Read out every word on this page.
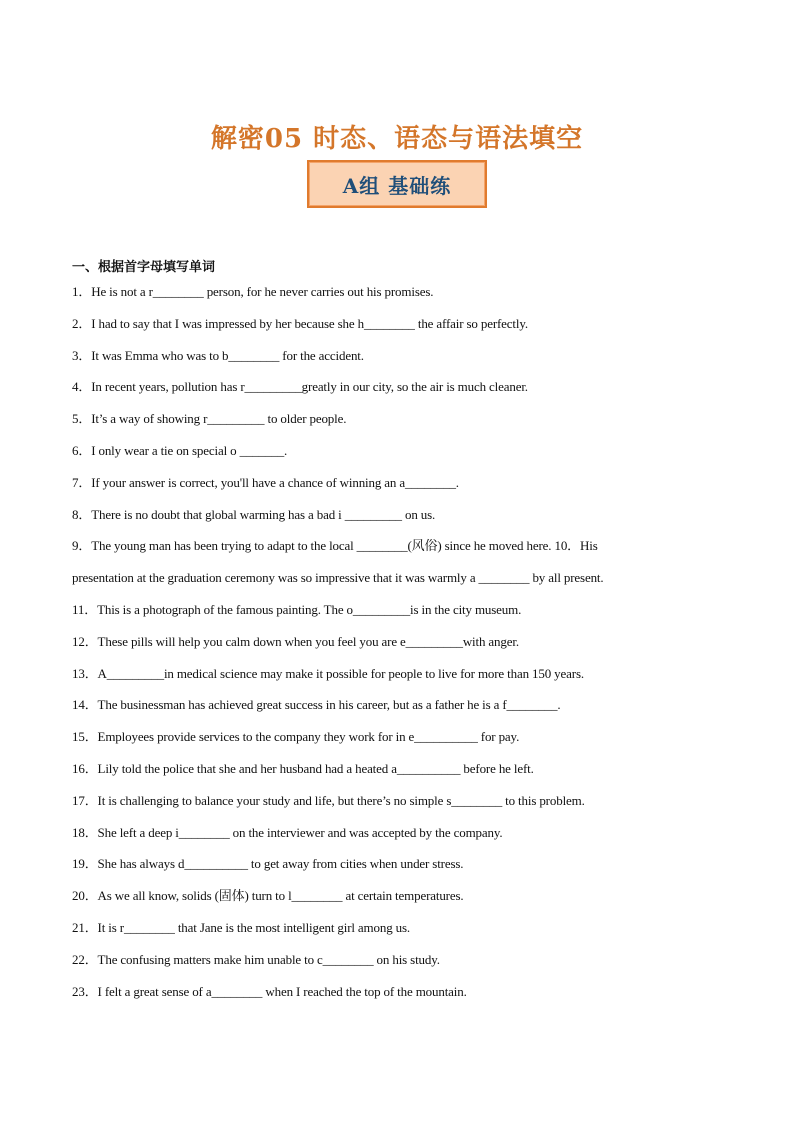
解密05 时态、语态与语法填空
A组 基础练
一、根据首字母填写单词
1．He is not a r________ person, for he never carries out his promises.
2．I had to say that I was impressed by her because she h________ the affair so perfectly.
3．It was Emma who was to b________ for the accident.
4．In recent years, pollution has r_________greatly in our city, so the air is much cleaner.
5．It’s a way of showing r_________ to older people.
6．I only wear a tie on special o _______.
7．If your answer is correct, you'll have a chance of winning an a________.
8．There is no doubt that global warming has a bad i _________ on us.
9．The young man has been trying to adapt to the local ________(风俗) since he moved here. 10．His
presentation at the graduation ceremony was so impressive that it was warmly a ________ by all present.
11．This is a photograph of the famous painting. The o_________is in the city museum.
12．These pills will help you calm down when you feel you are e_________with anger.
13．A_________in medical science may make it possible for people to live for more than 150 years.
14．The businessman has achieved great success in his career, but as a father he is a f________.
15．Employees provide services to the company they work for in e__________ for pay.
16．Lily told the police that she and her husband had a heated a__________ before he left.
17．It is challenging to balance your study and life, but there’s no simple s________ to this problem.
18．She left a deep i________ on the interviewer and was accepted by the company.
19．She has always d__________ to get away from cities when under stress.
20．As we all know, solids (固体) turn to l________ at certain temperatures.
21．It is r________ that Jane is the most intelligent girl among us.
22．The confusing matters make him unable to c________ on his study.
23．I felt a great sense of a________ when I reached the top of the mountain.
